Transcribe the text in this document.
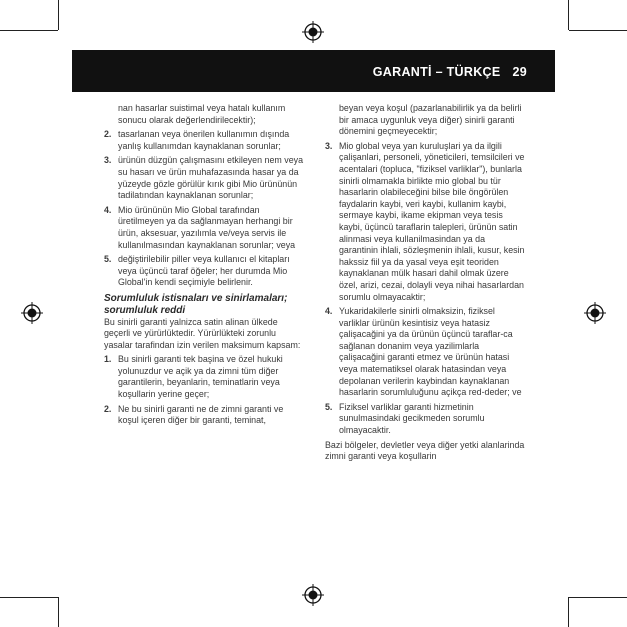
GARANTİ – TÜRKÇE 29
nan hasarlar suistimal veya hatalı kullanım sonucu olarak değerlendirilecektir);
2. tasarlanan veya önerilen kullanımın dışında yanlış kullanımdan kaynaklanan sorunlar;
3. ürünün düzgün çalışmasını etkileyen nem veya su hasarı ve ürün muhafazasında hasar ya da yüzeyde gözle görülür kırık gibi Mio ürününün tadilatından kaynaklanan sorunlar;
4. Mio ürününün Mio Global tarafından üretilmeyen ya da sağlanmayan herhangi bir ürün, aksesuar, yazılımla ve/veya servis ile kullanılmasından kaynaklanan sorunlar; veya
5. değiştirilebilir piller veya kullanıcı el kitapları veya üçüncü taraf öğeler; her durumda Mio Global'in kendi seçimiyle belirlenir.
Sorumluluk istisnaları ve sinirlamaları; sorumluluk reddi
Bu sinirli garanti yalnizca satin alinan ülkede geçerli ve yürürlüktedir. Yürürlükteki zorunlu yasalar tarafindan izin verilen maksimum kapsam:
1. Bu sinirli garanti tek başina ve özel hukuki yolunuzdur ve açik ya da zimni tüm diğer garantilerin, beyanlarin, teminatlarin veya koşullarin yerine geçer;
2. Ne bu sinirli garanti ne de zimni garanti ve koşul içeren diğer bir garanti, teminat,
beyan veya koşul (pazarlanabilirlik ya da belirli bir amaca uygunluk veya diğer) sinirli garanti dönemini geçmeyecektir;
3. Mio global veya yan kuruluşlari ya da ilgili çalişanlari, personeli, yöneticileri, temsilcileri ve acentalari (topluca, "fiziksel varliklar"), bunlarla sinirli olmamakla birlikte mio global bu tür hasarlarin olabileceğini bilse bile öngörülen faydalarin kaybi, veri kaybi, kullanim kaybi, sermaye kaybi, ikame ekipman veya tesis kaybi, üçüncü taraflarin talepleri, ürünün satin alinmasi veya kullanilmasindan ya da garantinin ihlali, sözleşmenin ihlali, kusur, kesin hakssiz fiil ya da yasal veya eşit teoriden kaynaklanan mülk hasari dahil olmak üzere özel, arizi, cezai, dolayli veya nihai hasarlardan sorumlu olmayacaktir;
4. Yukaridakilerle sinirli olmaksizin, fiziksel varliklar ürünün kesintisiz veya hatasiz çalişacağini ya da ürünün üçüncü taraflar-ca sağlanan donanim veya yazilimlarla çalişacağini garanti etmez ve ürünün hatasi veya matematiksel olarak hatasindan veya depolanan verilerin kaybindan kaynaklanan hasarlarin sorumluluğunu açikça red-deder; ve
5. Fiziksel varliklar garanti hizmetinin sunulmasindaki gecikmeden sorumlu olmayacaktir.
Bazi bölgeler, devletler veya diğer yetki alanlarinda zimni garanti veya koşullarin
